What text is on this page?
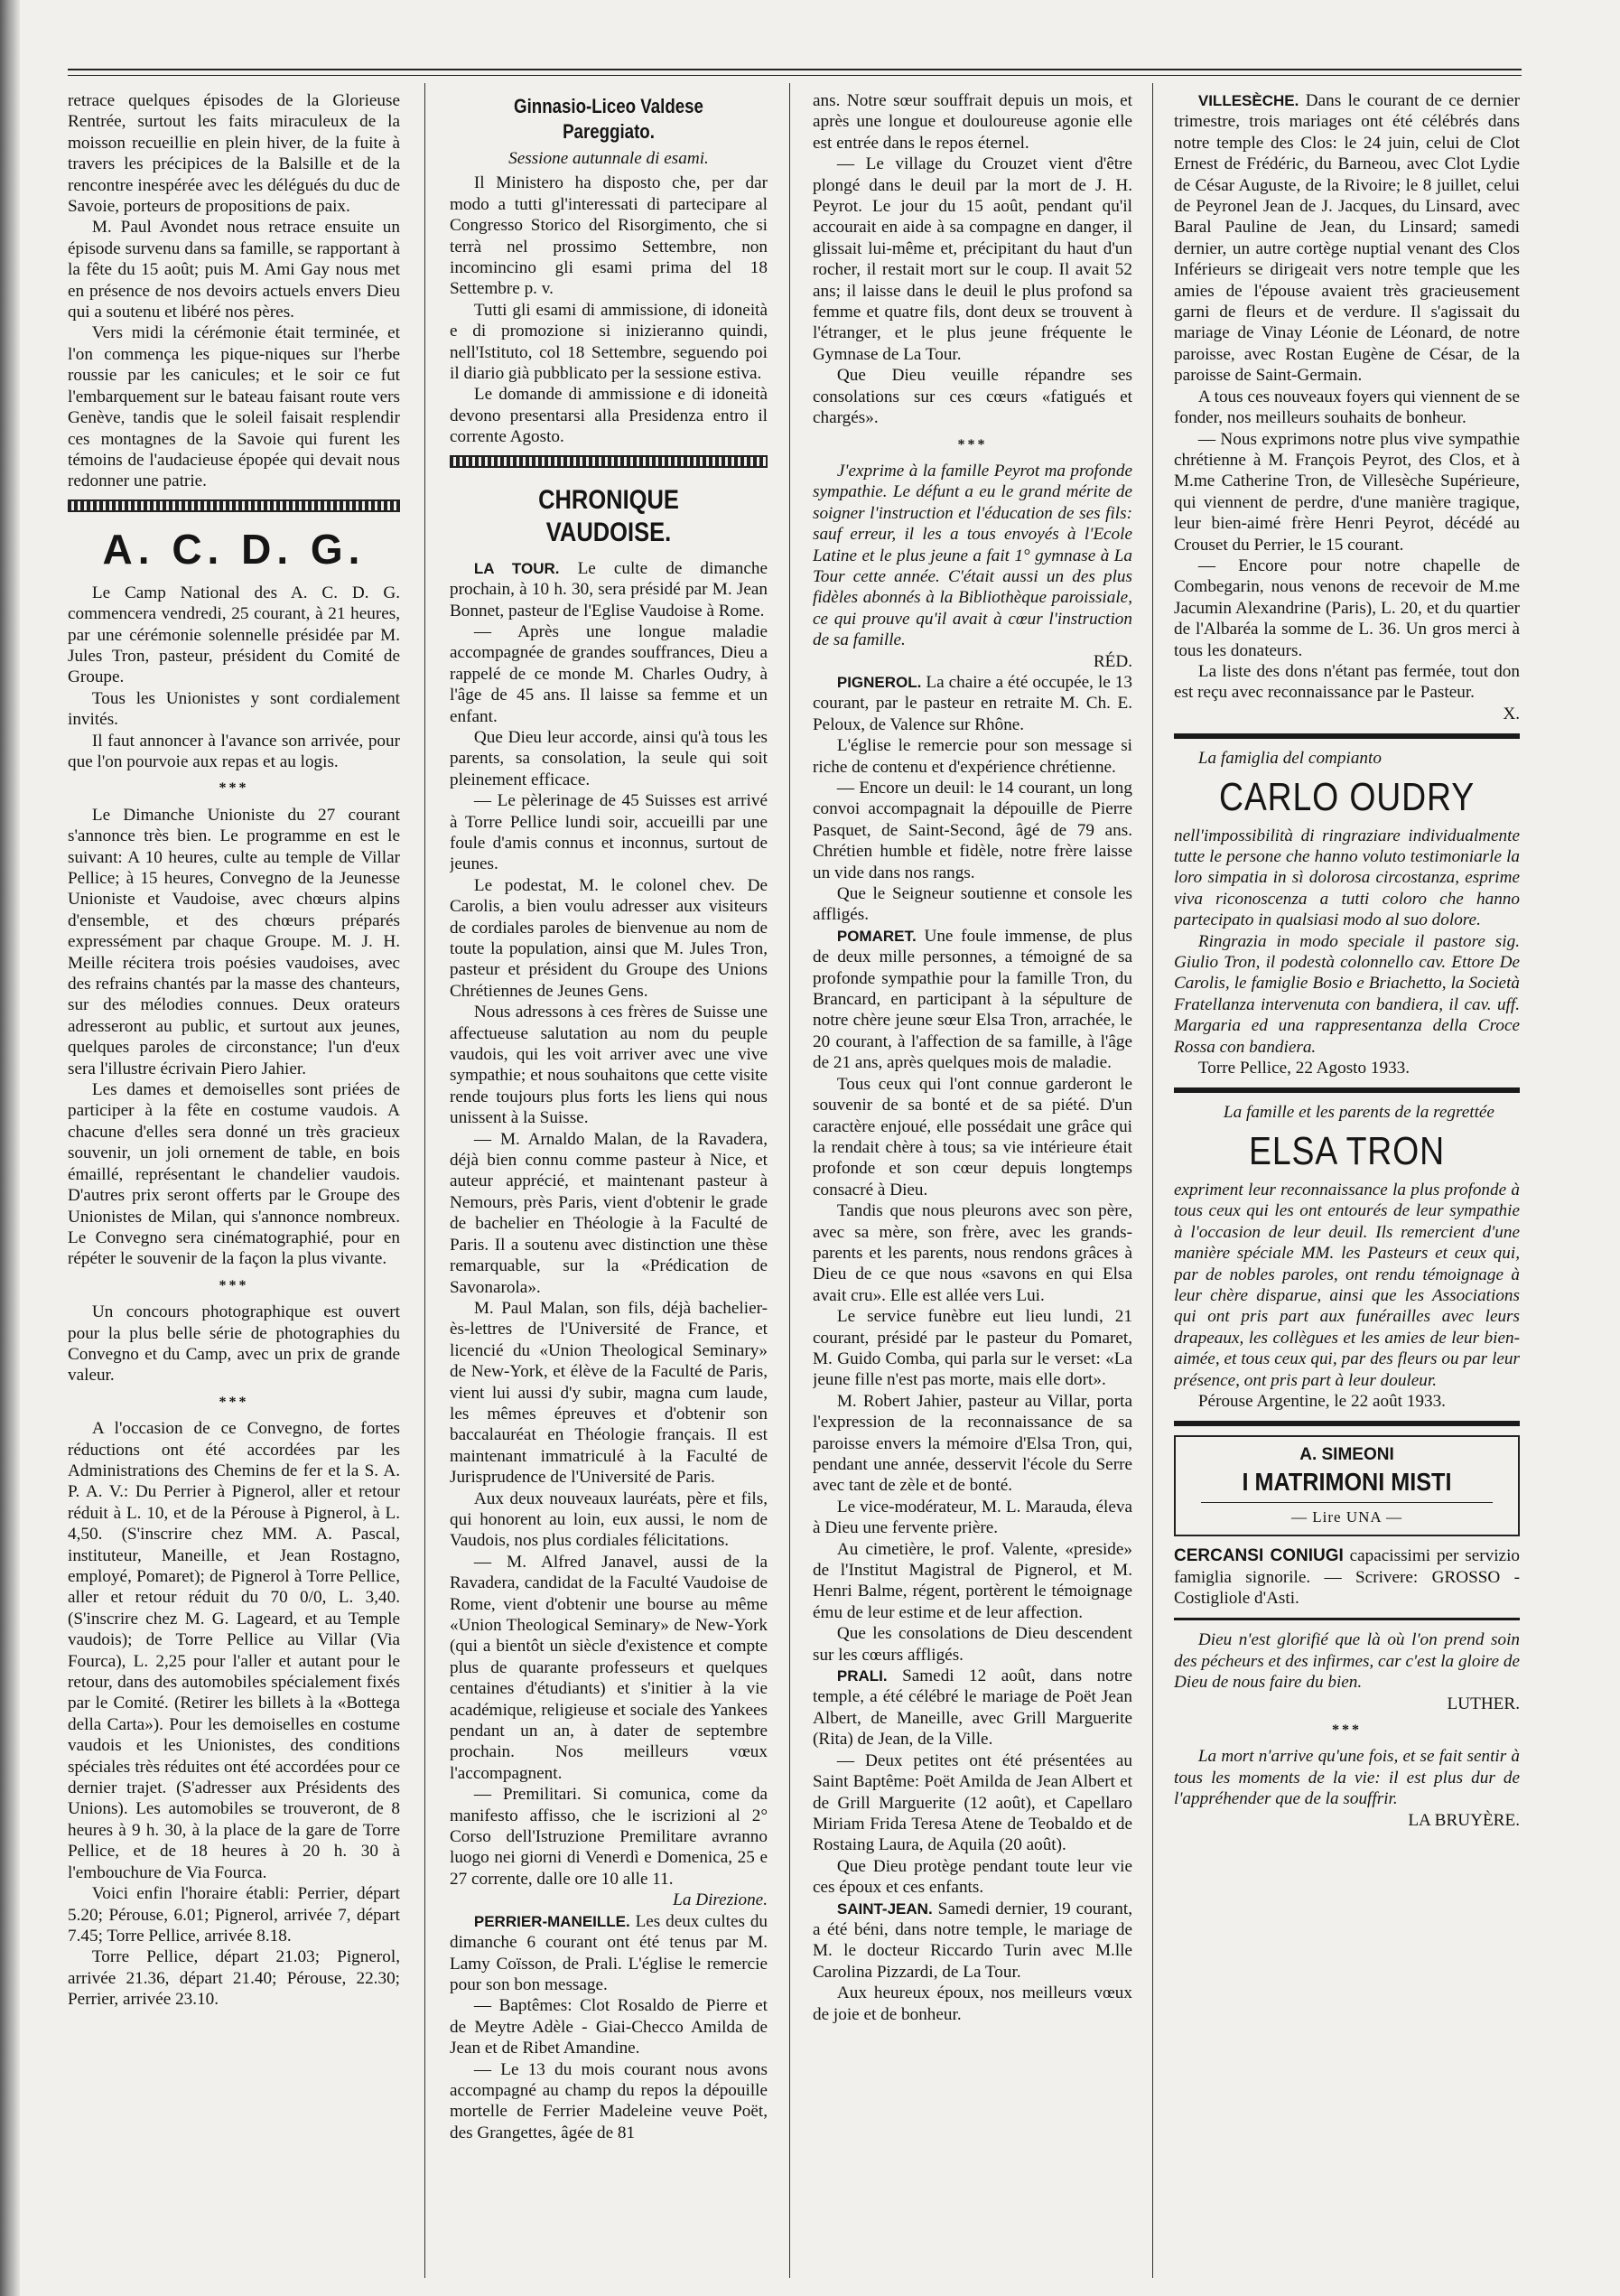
retrace quelques épisodes de la Glorieuse Rentrée, surtout les faits miraculeux de la moisson recueillie en plein hiver, de la fuite à travers les précipices de la Balsille et de la rencontre inespérée avec les délégués du duc de Savoie, porteurs de propositions de paix.

M. Paul Avondet nous retrace ensuite un épisode survenu dans sa famille, se rapportant à la fête du 15 août; puis M. Ami Gay nous met en présence de nos devoirs actuels envers Dieu qui a soutenu et libéré nos pères.

Vers midi la cérémonie était terminée, et l'on commença les pique-niques sur l'herbe roussie par les canicules; et le soir ce fut l'embarquement sur le bateau faisant route vers Genève, tandis que le soleil faisait resplendir ces montagnes de la Savoie qui furent les témoins de l'audacieuse épopée qui devait nous redonner une patrie.

A. C. D. G.

Le Camp National des A. C. D. G. commencera vendredi, 25 courant, à 21 heures, par une cérémonie solennelle présidée par M. Jules Tron, pasteur, président du Comité de Groupe.

Tous les Unionistes y sont cordialement invités.

Il faut annoncer à l'avance son arrivée, pour que l'on pourvoie aux repas et au logis.

***

Le Dimanche Unioniste du 27 courant s'annonce très bien. Le programme en est le suivant: A 10 heures, culte au temple de Villar Pellice; à 15 heures, Convegno de la Jeunesse Unioniste et Vaudoise, avec chœurs alpins d'ensemble, et des chœurs préparés expressément par chaque Groupe. M. J. H. Meille récitera trois poésies vaudoises, avec des refrains chantés par la masse des chanteurs, sur des mélodies connues. Deux orateurs adresseront au public, et surtout aux jeunes, quelques paroles de circonstance; l'un d'eux sera l'illustre écrivain Piero Jahier.

Les dames et demoiselles sont priées de participer à la fête en costume vaudois. A chacune d'elles sera donné un très gracieux souvenir, un joli ornement de table, en bois émaillé, représentant le chandelier vaudois. D'autres prix seront offerts par le Groupe des Unionistes de Milan, qui s'annonce nombreux. Le Convegno sera cinématographié, pour en répéter le souvenir de la façon la plus vivante.

***

Un concours photographique est ouvert pour la plus belle série de photographies du Convegno et du Camp, avec un prix de grande valeur.

***

A l'occasion de ce Convegno, de fortes réductions ont été accordées par les Administrations des Chemins de fer et la S. A. P. A. V.: Du Perrier à Pignerol, aller et retour réduit à L. 10, et de la Pérouse à Pignerol, à L. 4,50. (S'inscrire chez MM. A. Pascal, instituteur, Maneille, et Jean Rostagno, employé, Pomaret); de Pignerol à Torre Pellice, aller et retour réduit du 70 0/0, L. 3,40. (S'inscrire chez M. G. Lageard, et au Temple vaudois); de Torre Pellice au Villar (Via Fourca), L. 2,25 pour l'aller et autant pour le retour, dans des automobiles spécialement fixés par le Comité. (Retirer les billets à la «Bottega della Carta»). Pour les demoiselles en costume vaudois et les Unionistes, des conditions spéciales très réduites ont été accordées pour ce dernier trajet. (S'adresser aux Présidents des Unions). Les automobiles se trouveront, de 8 heures à 9 h. 30, à la place de la gare de Torre Pellice, et de 18 heures à 20 h. 30 à l'embouchure de Via Fourca.

Voici enfin l'horaire établi: Perrier, départ 5.20; Pérouse, 6.01; Pignerol, arrivée 7, départ 7.45; Torre Pellice, arrivée 8.18.

Torre Pellice, départ 21.03; Pignerol, arrivée 21.36, départ 21.40; Pérouse, 22.30; Perrier, arrivée 23.10.

Ginnasio-Liceo Valdese Pareggiato.
Sessione autunnale di esami.

Il Ministero ha disposto che, per dar modo a tutti gl'interessati di partecipare al Congresso Storico del Risorgimento, che si terrà nel prossimo Settembre, non incomincino gli esami prima del 18 Settembre p. v.

Tutti gli esami di ammissione, di idoneità e di promozione si inizieranno quindi, nell'Istituto, col 18 Settembre, seguendo poi il diario già pubblicato per la sessione estiva.

Le domande di ammissione e di idoneità devono presentarsi alla Presidenza entro il corrente Agosto.

CHRONIQUE VAUDOISE.

LA TOUR. Le culte de dimanche prochain, à 10 h. 30, sera présidé par M. Jean Bonnet, pasteur de l'Eglise Vaudoise à Rome.

— Après une longue maladie accompagnée de grandes souffrances, Dieu a rappelé de ce monde M. Charles Oudry, à l'âge de 45 ans. Il laisse sa femme et un enfant.

Que Dieu leur accorde, ainsi qu'à tous les parents, sa consolation, la seule qui soit pleinement efficace.

— Le pèlerinage de 45 Suisses est arrivé à Torre Pellice lundi soir, accueilli par une foule d'amis connus et inconnus, surtout de jeunes.

Le podestat, M. le colonel chev. De Carolis, a bien voulu adresser aux visiteurs de cordiales paroles de bienvenue au nom de toute la population, ainsi que M. Jules Tron, pasteur et président du Groupe des Unions Chrétiennes de Jeunes Gens.

Nous adressons à ces frères de Suisse une affectueuse salutation au nom du peuple vaudois, qui les voit arriver avec une vive sympathie; et nous souhaitons que cette visite rende toujours plus forts les liens qui nous unissent à la Suisse.

— M. Arnaldo Malan, de la Ravadera, déjà bien connu comme pasteur à Nice, et auteur apprécié, et maintenant pasteur à Nemours, près Paris, vient d'obtenir le grade de bachelier en Théologie à la Faculté de Paris. Il a soutenu avec distinction une thèse remarquable, sur la «Prédication de Savonarola».

M. Paul Malan, son fils, déjà bachelier-ès-lettres de l'Université de France, et licencié du «Union Theological Seminary» de New-York, et élève de la Faculté de Paris, vient lui aussi d'y subir, magna cum laude, les mêmes épreuves et d'obtenir son baccalauréat en Théologie français. Il est maintenant immatriculé à la Faculté de Jurisprudence de l'Université de Paris.

Aux deux nouveaux lauréats, père et fils, qui honorent au loin, eux aussi, le nom de Vaudois, nos plus cordiales félicitations.

— M. Alfred Janavel, aussi de la Ravadera, candidat de la Faculté Vaudoise de Rome, vient d'obtenir une bourse au même «Union Theological Seminary» de New-York (qui a bientôt un siècle d'existence et compte plus de quarante professeurs et quelques centaines d'étudiants) et s'initier à la vie académique, religieuse et sociale des Yankees pendant un an, à dater de septembre prochain. Nos meilleurs vœux l'accompagnent.

— Premilitari. Si comunica, come da manifesto affisso, che le iscrizioni al 2° Corso dell'Istruzione Premilitare avranno luogo nei giorni di Venerdì e Domenica, 25 e 27 corrente, dalle ore 10 alle 11.

La Direzione.

PERRIER-MANEILLE. Les deux cultes du dimanche 6 courant ont été tenus par M. Lamy Coïsson, de Prali. L'église le remercie pour son bon message.

— Baptêmes: Clot Rosaldo de Pierre et de Meytre Adèle - Giai-Checco Amilda de Jean et de Ribet Amandine.

— Le 13 du mois courant nous avons accompagné au champ du repos la dépouille mortelle de Ferrier Madeleine veuve Poët, des Grangettes, âgée de 81

ans. Notre sœur souffrait depuis un mois, et après une longue et douloureuse agonie elle est entrée dans le repos éternel.

— Le village du Crouzet vient d'être plongé dans le deuil par la mort de J. H. Peyrot. Le jour du 15 août, pendant qu'il accourait en aide à sa compagne en danger, il glissait lui-même et, précipitant du haut d'un rocher, il restait mort sur le coup. Il avait 52 ans; il laisse dans le deuil le plus profond sa femme et quatre fils, dont deux se trouvent à l'étranger, et le plus jeune fréquente le Gymnase de La Tour.

Que Dieu veuille répandre ses consolations sur ces cœurs «fatigués et chargés».

***

J'exprime à la famille Peyrot ma profonde sympathie. Le défunt a eu le grand mérite de soigner l'instruction et l'éducation de ses fils: sauf erreur, il les a tous envoyés à l'Ecole Latine et le plus jeune a fait 1° gymnase à La Tour cette année. C'était aussi un des plus fidèles abonnés à la Bibliothèque paroissiale, ce qui prouve qu'il avait à cœur l'instruction de sa famille.

RÉD.

PIGNEROL. La chaire a été occupée, le 13 courant, par le pasteur en retraite M. Ch. E. Peloux, de Valence sur Rhône.

L'église le remercie pour son message si riche de contenu et d'expérience chrétienne.

— Encore un deuil: le 14 courant, un long convoi accompagnait la dépouille de Pierre Pasquet, de Saint-Second, âgé de 79 ans. Chrétien humble et fidèle, notre frère laisse un vide dans nos rangs.

Que le Seigneur soutienne et console les affligés.

POMARET. Une foule immense, de plus de deux mille personnes, a témoigné de sa profonde sympathie pour la famille Tron, du Brancard, en participant à la sépulture de notre chère jeune sœur Elsa Tron, arrachée, le 20 courant, à l'affection de sa famille, à l'âge de 21 ans, après quelques mois de maladie.

Tous ceux qui l'ont connue garderont le souvenir de sa bonté et de sa piété. D'un caractère enjoué, elle possédait une grâce qui la rendait chère à tous; sa vie intérieure était profonde et son cœur depuis longtemps consacré à Dieu.

Tandis que nous pleurons avec son père, avec sa mère, son frère, avec les grands-parents et les parents, nous rendons grâces à Dieu de ce que nous «savons en qui Elsa avait cru». Elle est allée vers Lui.

Le service funèbre eut lieu lundi, 21 courant, présidé par le pasteur du Pomaret, M. Guido Comba, qui parla sur le verset: «La jeune fille n'est pas morte, mais elle dort».

M. Robert Jahier, pasteur au Villar, porta l'expression de la reconnaissance de sa paroisse envers la mémoire d'Elsa Tron, qui, pendant une année, desservit l'école du Serre avec tant de zèle et de bonté.

Le vice-modérateur, M. L. Marauda, éleva à Dieu une fervente prière.

Au cimetière, le prof. Valente, «preside» de l'Institut Magistral de Pignerol, et M. Henri Balme, régent, portèrent le témoignage ému de leur estime et de leur affection.

Que les consolations de Dieu descendent sur les cœurs affligés.

PRALI. Samedi 12 août, dans notre temple, a été célébré le mariage de Poët Jean Albert, de Maneille, avec Grill Marguerite (Rita) de Jean, de la Ville.

— Deux petites ont été présentées au Saint Baptême: Poët Amilda de Jean Albert et de Grill Marguerite (12 août), et Capellaro Miriam Frida Teresa Atene de Teobaldo et de Rostaing Laura, de Aquila (20 août).

Que Dieu protège pendant toute leur vie ces époux et ces enfants.

SAINT-JEAN. Samedi dernier, 19 courant, a été béni, dans notre temple, le mariage de M. le docteur Riccardo Turin avec M.lle Carolina Pizzardi, de La Tour.

Aux heureux époux, nos meilleurs vœux de joie et de bonheur.

VILLESÈCHE. Dans le courant de ce dernier trimestre, trois mariages ont été célébrés dans notre temple des Clos: le 24 juin, celui de Clot Ernest de Frédéric, du Barneou, avec Clot Lydie de César Auguste, de la Rivoire; le 8 juillet, celui de Peyronel Jean de J. Jacques, du Linsard, avec Baral Pauline de Jean, du Linsard; samedi dernier, un autre cortège nuptial venant des Clos Inférieurs se dirigeait vers notre temple que les amies de l'épouse avaient très gracieusement garni de fleurs et de verdure. Il s'agissait du mariage de Vinay Léonie de Léonard, de notre paroisse, avec Rostan Eugène de César, de la paroisse de Saint-Germain.

A tous ces nouveaux foyers qui viennent de se fonder, nos meilleurs souhaits de bonheur.

— Nous exprimons notre plus vive sympathie chrétienne à M. François Peyrot, des Clos, et à M.me Catherine Tron, de Villesèche Supérieure, qui viennent de perdre, d'une manière tragique, leur bien-aimé frère Henri Peyrot, décédé au Crouset du Perrier, le 15 courant.

— Encore pour notre chapelle de Combegarin, nous venons de recevoir de M.me Jacumin Alexandrine (Paris), L. 20, et du quartier de l'Albaréa la somme de L. 36. Un gros merci à tous les donateurs.

La liste des dons n'étant pas fermée, tout don est reçu avec reconnaissance par le Pasteur.

X.

La famiglia del compianto

CARLO OUDRY

nell'impossibilità di ringraziare individualmente tutte le persone che hanno voluto testimoniarle la loro simpatia in sì dolorosa circostanza, esprime viva riconoscenza a tutti coloro che hanno partecipato in qualsiasi modo al suo dolore.

Ringrazia in modo speciale il pastore sig. Giulio Tron, il podestà colonnello cav. Ettore De Carolis, le famiglie Bosio e Briachetto, la Società Fratellanza intervenuta con bandiera, il cav. uff. Margaria ed una rappresentanza della Croce Rossa con bandiera.

Torre Pellice, 22 Agosto 1933.

La famille et les parents de la regrettée

ELSA TRON

expriment leur reconnaissance la plus profonde à tous ceux qui les ont entourés de leur sympathie à l'occasion de leur deuil. Ils remercient d'une manière spéciale MM. les Pasteurs et ceux qui, par de nobles paroles, ont rendu témoignage à leur chère disparue, ainsi que les Associations qui ont pris part aux funérailles avec leurs drapeaux, les collègues et les amies de leur bien-aimée, et tous ceux qui, par des fleurs ou par leur présence, ont pris part à leur douleur.

Pérouse Argentine, le 22 août 1933.

A. SIMEONI
I MATRIMONI MISTI
— Lire UNA —

CERCANSI CONIUGI capacissimi per servizio famiglia signorile. — Scrivere: GROSSO - Costigliole d'Asti.

Dieu n'est glorifié que là où l'on prend soin des pécheurs et des infirmes, car c'est la gloire de Dieu de nous faire du bien.

LUTHER.

***

La mort n'arrive qu'une fois, et se fait sentir à tous les moments de la vie: il est plus dur de l'appréhender que de la souffrir.

LA BRUYÈRE.
